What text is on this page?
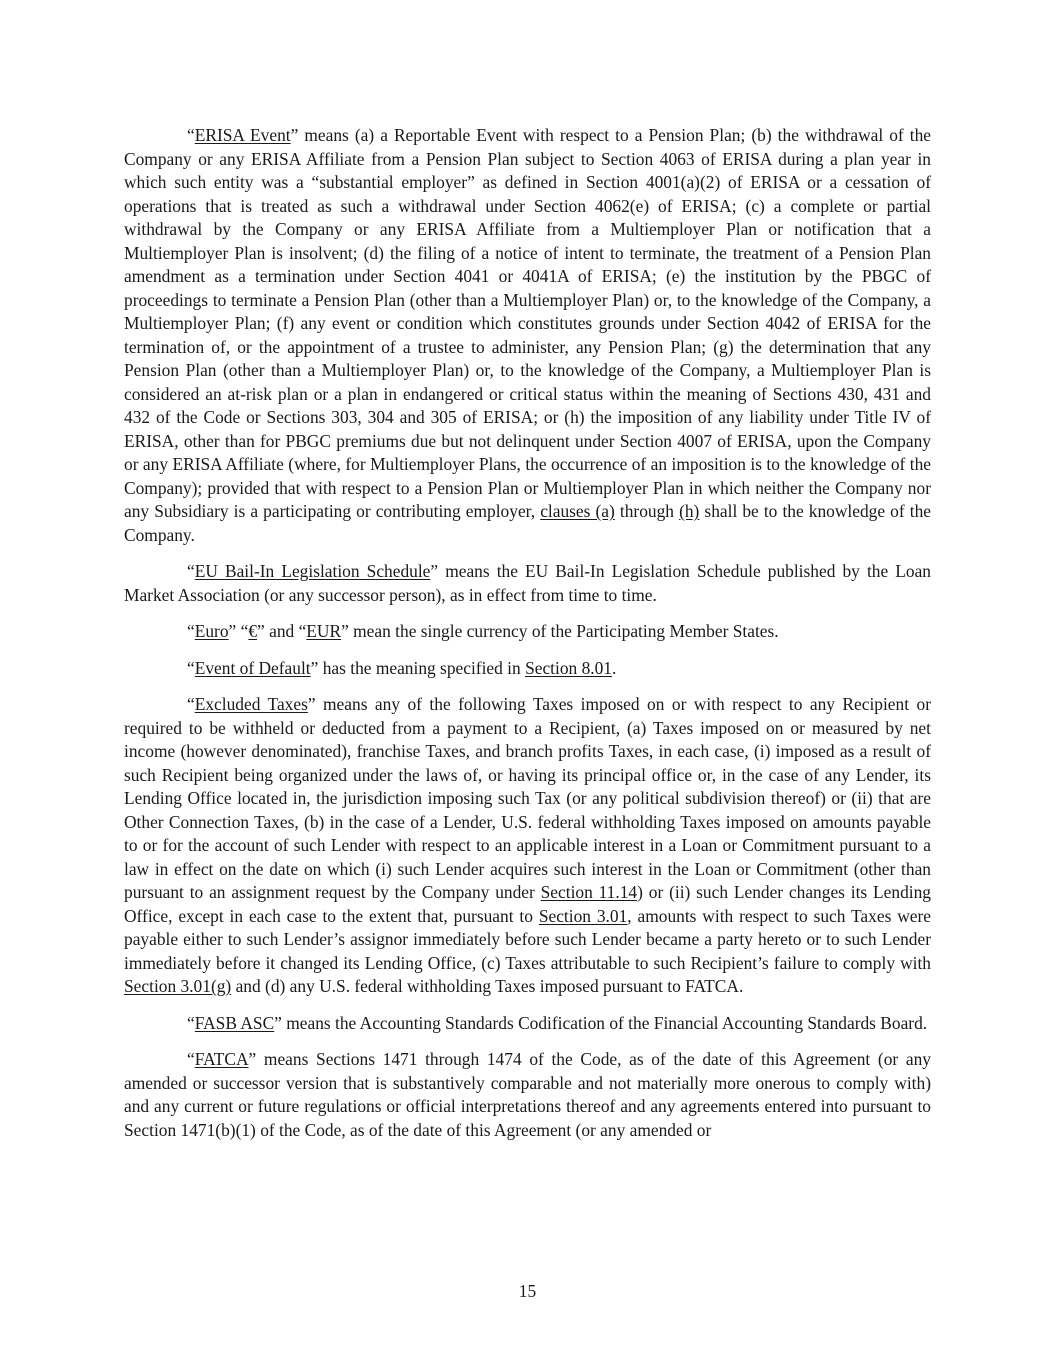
“ERISA Event” means (a) a Reportable Event with respect to a Pension Plan; (b) the withdrawal of the Company or any ERISA Affiliate from a Pension Plan subject to Section 4063 of ERISA during a plan year in which such entity was a “substantial employer” as defined in Section 4001(a)(2) of ERISA or a cessation of operations that is treated as such a withdrawal under Section 4062(e) of ERISA; (c) a complete or partial withdrawal by the Company or any ERISA Affiliate from a Multiemployer Plan or notification that a Multiemployer Plan is insolvent; (d) the filing of a notice of intent to terminate, the treatment of a Pension Plan amendment as a termination under Section 4041 or 4041A of ERISA; (e) the institution by the PBGC of proceedings to terminate a Pension Plan (other than a Multiemployer Plan) or, to the knowledge of the Company, a Multiemployer Plan; (f) any event or condition which constitutes grounds under Section 4042 of ERISA for the termination of, or the appointment of a trustee to administer, any Pension Plan; (g) the determination that any Pension Plan (other than a Multiemployer Plan) or, to the knowledge of the Company, a Multiemployer Plan is considered an at-risk plan or a plan in endangered or critical status within the meaning of Sections 430, 431 and 432 of the Code or Sections 303, 304 and 305 of ERISA; or (h) the imposition of any liability under Title IV of ERISA, other than for PBGC premiums due but not delinquent under Section 4007 of ERISA, upon the Company or any ERISA Affiliate (where, for Multiemployer Plans, the occurrence of an imposition is to the knowledge of the Company); provided that with respect to a Pension Plan or Multiemployer Plan in which neither the Company nor any Subsidiary is a participating or contributing employer, clauses (a) through (h) shall be to the knowledge of the Company.

“EU Bail-In Legislation Schedule” means the EU Bail-In Legislation Schedule published by the Loan Market Association (or any successor person), as in effect from time to time.

“Euro” “€” and “EUR” mean the single currency of the Participating Member States.

“Event of Default” has the meaning specified in Section 8.01.

“Excluded Taxes” means any of the following Taxes imposed on or with respect to any Recipient or required to be withheld or deducted from a payment to a Recipient, (a) Taxes imposed on or measured by net income (however denominated), franchise Taxes, and branch profits Taxes, in each case, (i) imposed as a result of such Recipient being organized under the laws of, or having its principal office or, in the case of any Lender, its Lending Office located in, the jurisdiction imposing such Tax (or any political subdivision thereof) or (ii) that are Other Connection Taxes, (b) in the case of a Lender, U.S. federal withholding Taxes imposed on amounts payable to or for the account of such Lender with respect to an applicable interest in a Loan or Commitment pursuant to a law in effect on the date on which (i) such Lender acquires such interest in the Loan or Commitment (other than pursuant to an assignment request by the Company under Section 11.14) or (ii) such Lender changes its Lending Office, except in each case to the extent that, pursuant to Section 3.01, amounts with respect to such Taxes were payable either to such Lender’s assignor immediately before such Lender became a party hereto or to such Lender immediately before it changed its Lending Office, (c) Taxes attributable to such Recipient’s failure to comply with Section 3.01(g) and (d) any U.S. federal withholding Taxes imposed pursuant to FATCA.

“FASB ASC” means the Accounting Standards Codification of the Financial Accounting Standards Board.

“FATCA” means Sections 1471 through 1474 of the Code, as of the date of this Agreement (or any amended or successor version that is substantively comparable and not materially more onerous to comply with) and any current or future regulations or official interpretations thereof and any agreements entered into pursuant to Section 1471(b)(1) of the Code, as of the date of this Agreement (or any amended or

15
